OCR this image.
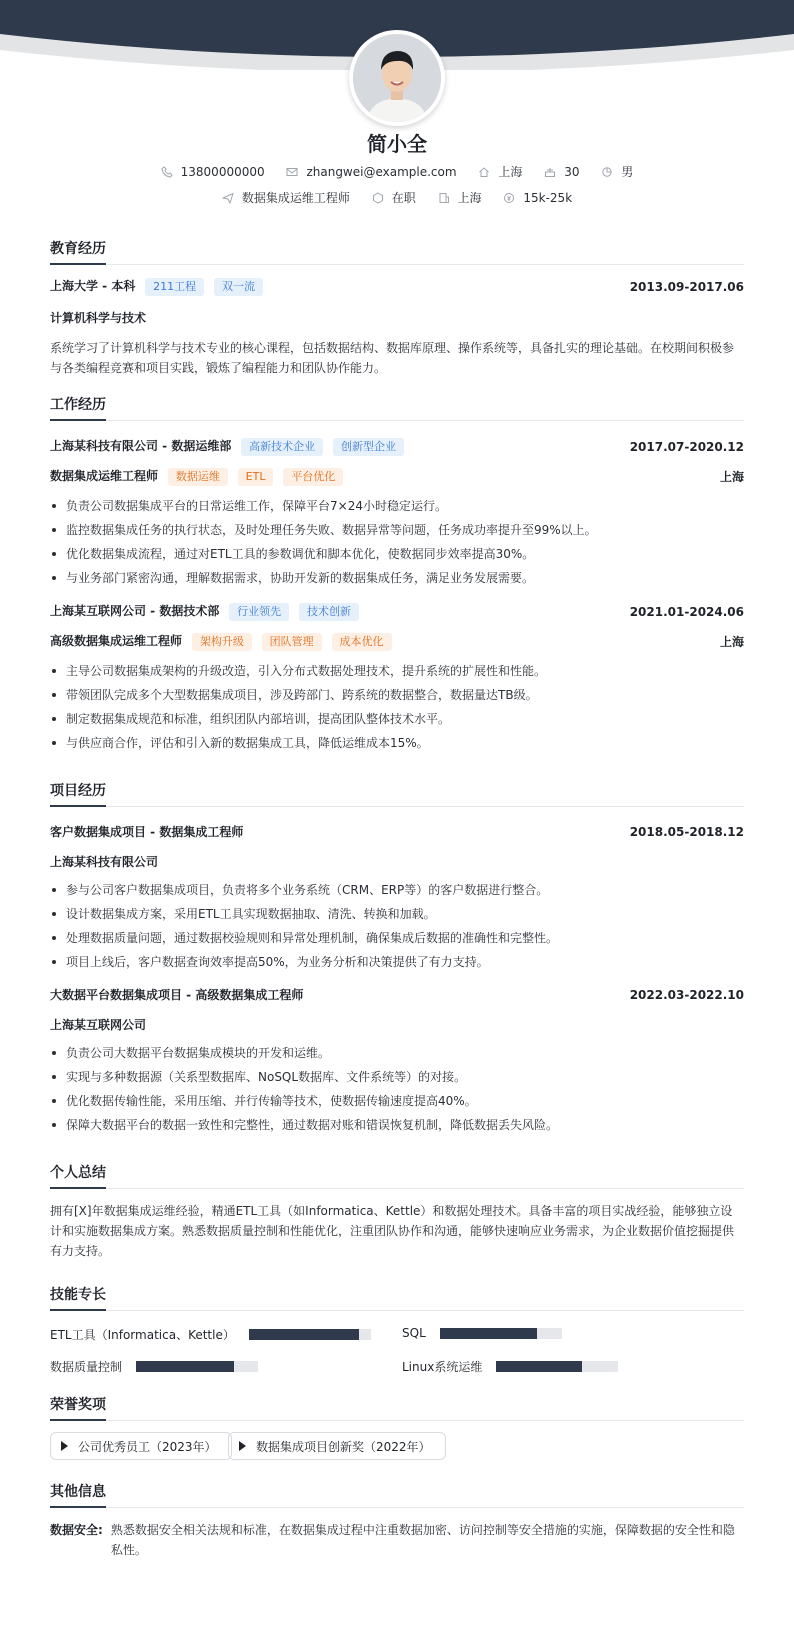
简小全
13800000000
	zhangwei@example.com
	上海
	30
	男
数据集成运维工程师
	在职
	上海
	15k-25k
教育经历
上海大学 - 本科 211工程 双一流	2013.09-2017.06
计算机科学与技术
系统学习了计算机科学与技术专业的核心课程，包括数据结构、数据库原理、操作系统等，具备扎实的理论基础。在校期间积极参与各类编程竞赛和项目实践，锻炼了编程能力和团队协作能力。
工作经历
上海某科技有限公司 - 数据运维部 高新技术企业 创新型企业	2017.07-2020.12
数据集成运维工程师 数据运维 ETL 平台优化	上海
负责公司数据集成平台的日常运维工作，保障平台7×24小时稳定运行。
监控数据集成任务的执行状态，及时处理任务失败、数据异常等问题，任务成功率提升至99%以上。
优化数据集成流程，通过对ETL工具的参数调优和脚本优化，使数据同步效率提高30%。
与业务部门紧密沟通，理解数据需求，协助开发新的数据集成任务，满足业务发展需要。
上海某互联网公司 - 数据技术部 行业领先 技术创新	2021.01-2024.06
高级数据集成运维工程师 架构升级 团队管理 成本优化	上海
主导公司数据集成架构的升级改造，引入分布式数据处理技术，提升系统的扩展性和性能。
带领团队完成多个大型数据集成项目，涉及跨部门、跨系统的数据整合，数据量达TB级。
制定数据集成规范和标准，组织团队内部培训，提高团队整体技术水平。
与供应商合作，评估和引入新的数据集成工具，降低运维成本15%。
项目经历
客户数据集成项目 - 数据集成工程师	2018.05-2018.12
上海某科技有限公司
参与公司客户数据集成项目，负责将多个业务系统（CRM、ERP等）的客户数据进行整合。
设计数据集成方案，采用ETL工具实现数据抽取、清洗、转换和加载。
处理数据质量问题，通过数据校验规则和异常处理机制，确保集成后数据的准确性和完整性。
项目上线后，客户数据查询效率提高50%，为业务分析和决策提供了有力支持。
大数据平台数据集成项目 - 高级数据集成工程师	2022.03-2022.10
上海某互联网公司
负责公司大数据平台数据集成模块的开发和运维。
实现与多种数据源（关系型数据库、NoSQL数据库、文件系统等）的对接。
优化数据传输性能，采用压缩、并行传输等技术，使数据传输速度提高40%。
保障大数据平台的数据一致性和完整性，通过数据对账和错误恢复机制，降低数据丢失风险。
个人总结
拥有[X]年数据集成运维经验，精通ETL工具（如Informatica、Kettle）和数据处理技术。具备丰富的项目实战经验，能够独立设计和实施数据集成方案。熟悉数据质量控制和性能优化，注重团队协作和沟通，能够快速响应业务需求，为企业数据价值挖掘提供有力支持。
技能专长
ETL工具（Informatica、Kettle）	SQL
数据质量控制	Linux系统运维
荣誉奖项
公司优秀员工（2023年）	数据集成项目创新奖（2022年）
其他信息
数据安全: 熟悉数据安全相关法规和标准，在数据集成过程中注重数据加密、访问控制等安全措施的实施，保障数据的安全性和隐私性。
